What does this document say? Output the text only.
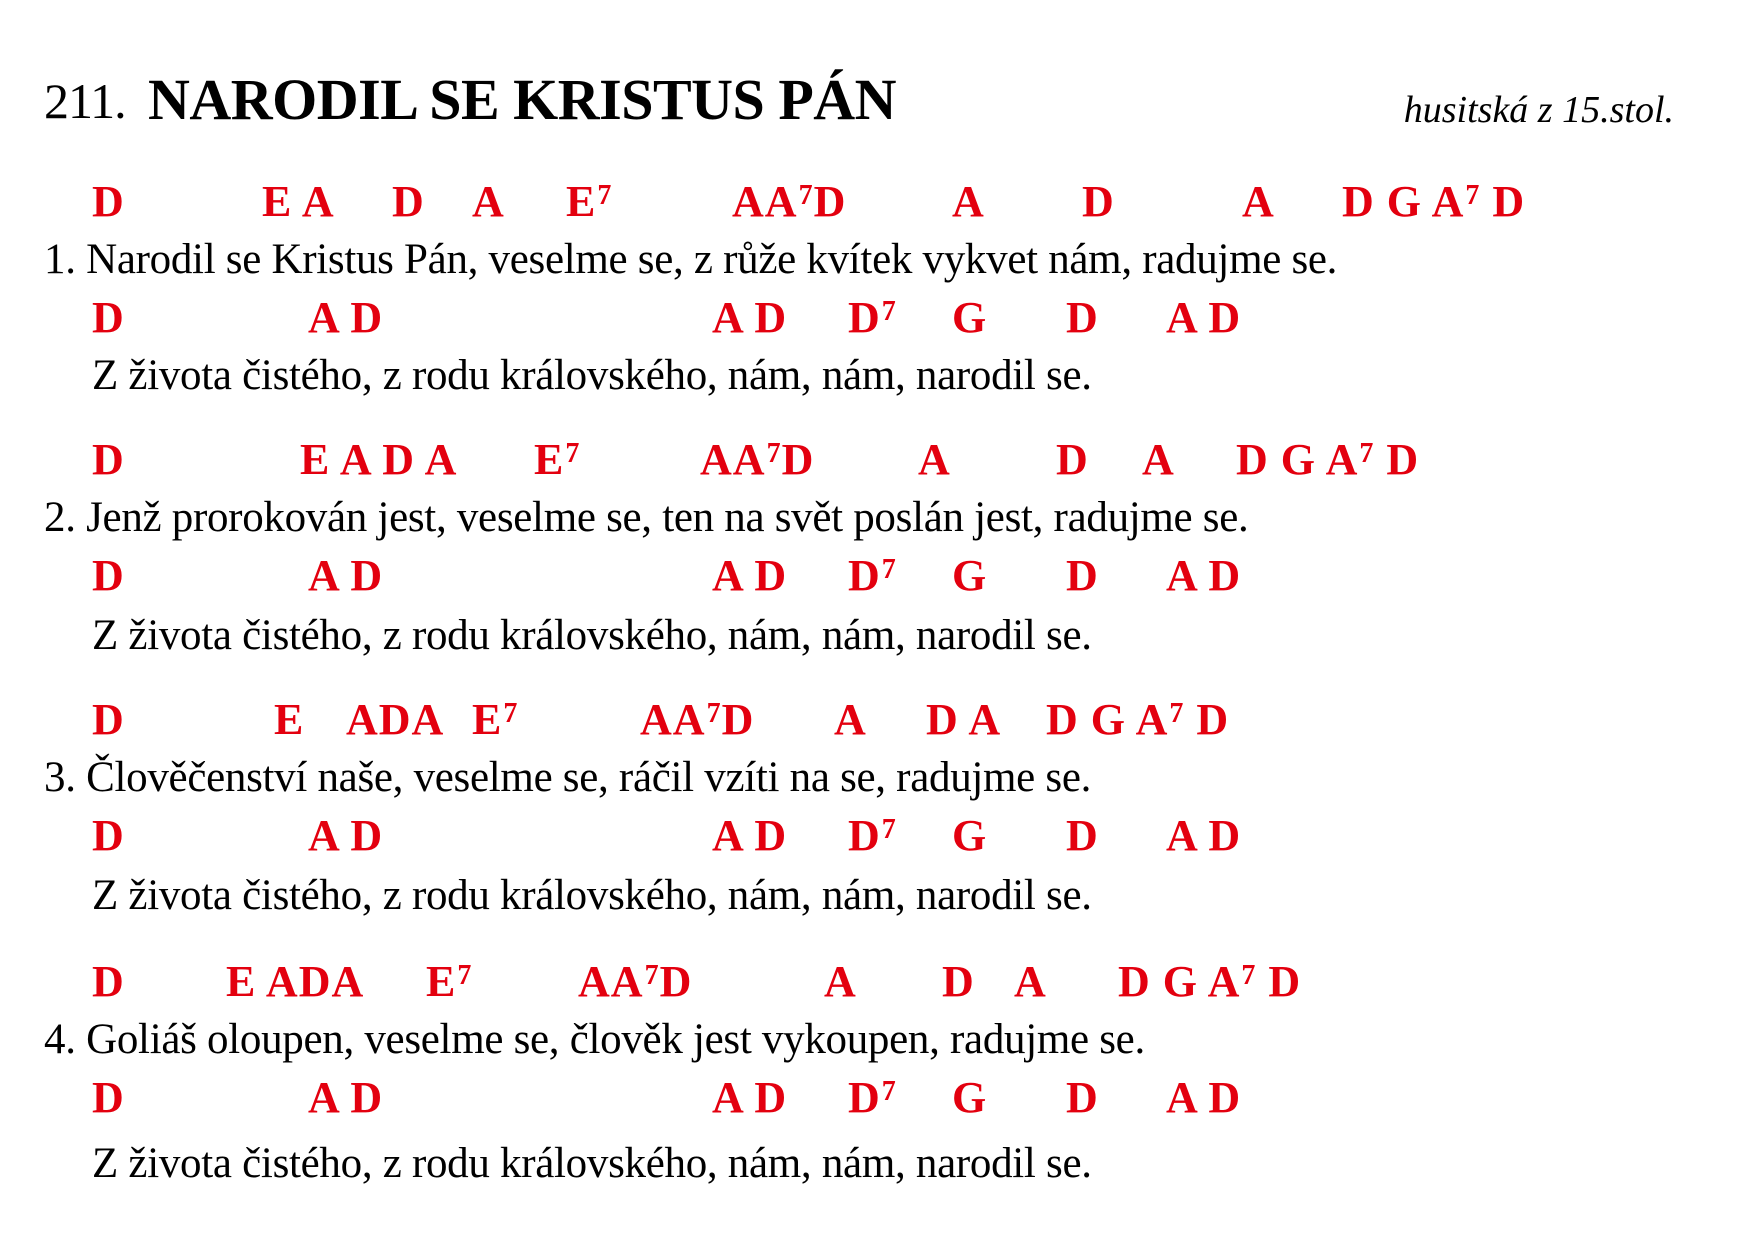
211. NARODIL SE KRISTUS PÁN	husitská z 15.stol.
D	E A D A $E^7$	$AA^7D$ A D	A D G $A^7$ D
1. Narodil se Kristus Pán, veselme se, z růže kvítek vykvet nám, radujme se.
D	A D	A D $D^7$ G D A D
Z života čistého, z rodu královského, nám, nám, narodil se.
D	E A D A $E^7$	$AA^7D$ A D A D G $A^7$ D
2. Jenž prorokován jest, veselme se, ten na svět poslán jest, radujme se.
D	A D	A D $D^7$ G D A D
Z života čistého, z rodu královského, nám, nám, narodil se.
D	E ADA $E^7$	$AA^7D$ A D A D G $A^7$ D
3. Člověčenství naše, veselme se, ráčil vzíti na se, radujme se.
D	A D	A D $D^7$ G D A D
Z života čistého, z rodu královského, nám, nám, narodil se.
D E ADA $E^7$ $AA^7D$	A D A D G $A^7$ D
4. Goliáš oloupen, veselme se, člověk jest vykoupen, radujme se.
D	A D	A D $D^7$ G D A D
Z života čistého, z rodu královského, nám, nám, narodil se.
